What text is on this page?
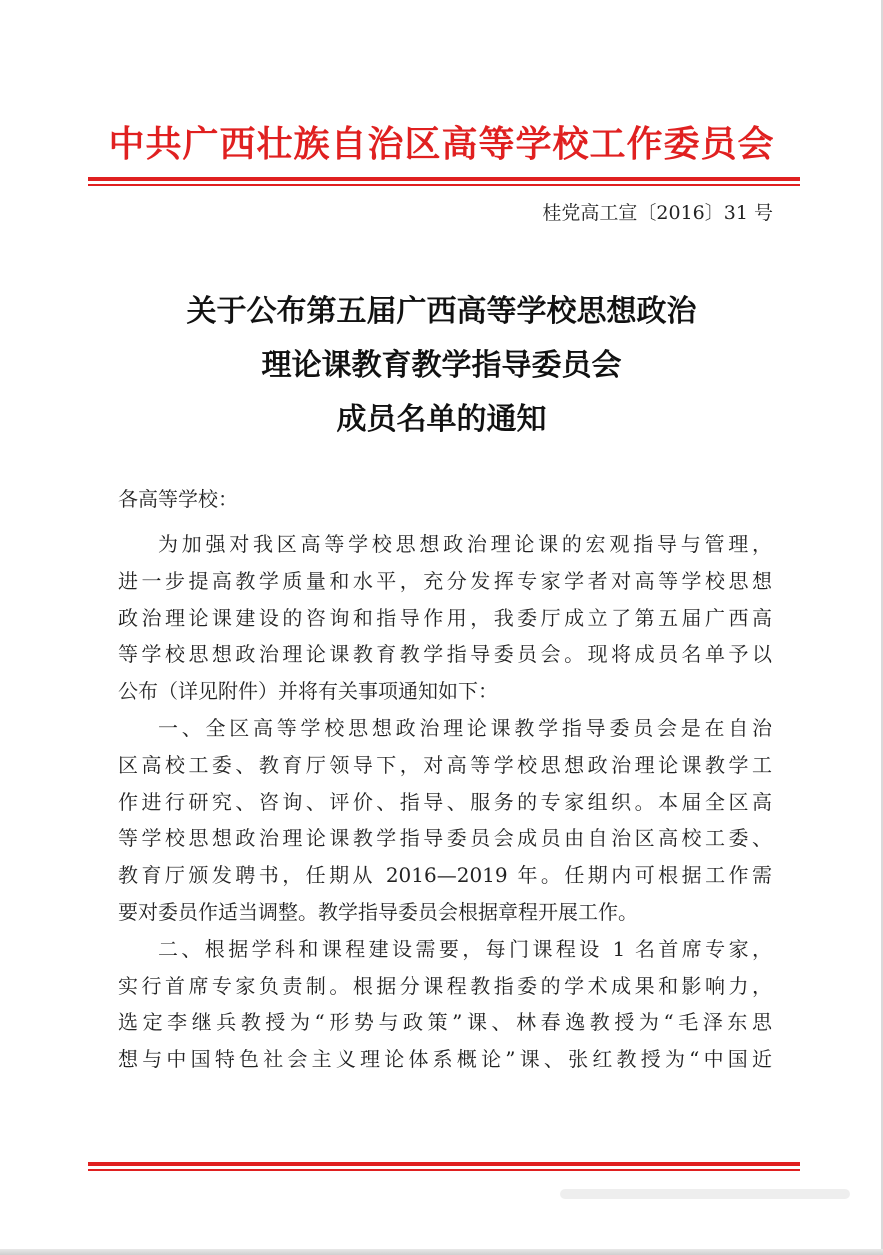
中共广西壮族自治区高等学校工作委员会
桂党高工宣〔2016〕31 号
关于公布第五届广西高等学校思想政治
理论课教育教学指导委员会
成员名单的通知
各高等学校：

为加强对我区高等学校思想政治理论课的宏观指导与管理，
进一步提高教学质量和水平，充分发挥专家学者对高等学校思想
政治理论课建设的咨询和指导作用，我委厅成立了第五届广西高
等学校思想政治理论课教育教学指导委员会。现将成员名单予以
公布（详见附件）并将有关事项通知如下：

一、全区高等学校思想政治理论课教学指导委员会是在自治
区高校工委、教育厅领导下，对高等学校思想政治理论课教学工
作进行研究、咨询、评价、指导、服务的专家组织。本届全区高
等学校思想政治理论课教学指导委员会成员由自治区高校工委、
教育厅颁发聘书，任期从 2016—2019 年。任期内可根据工作需
要对委员作适当调整。教学指导委员会根据章程开展工作。

二、根据学科和课程建设需要，每门课程设 1 名首席专家，
实行首席专家负责制。根据分课程教指委的学术成果和影响力，
选定李继兵教授为“形势与政策”课、林春逸教授为“毛泽东思
想与中国特色社会主义理论体系概论”课、张红教授为“中国近
